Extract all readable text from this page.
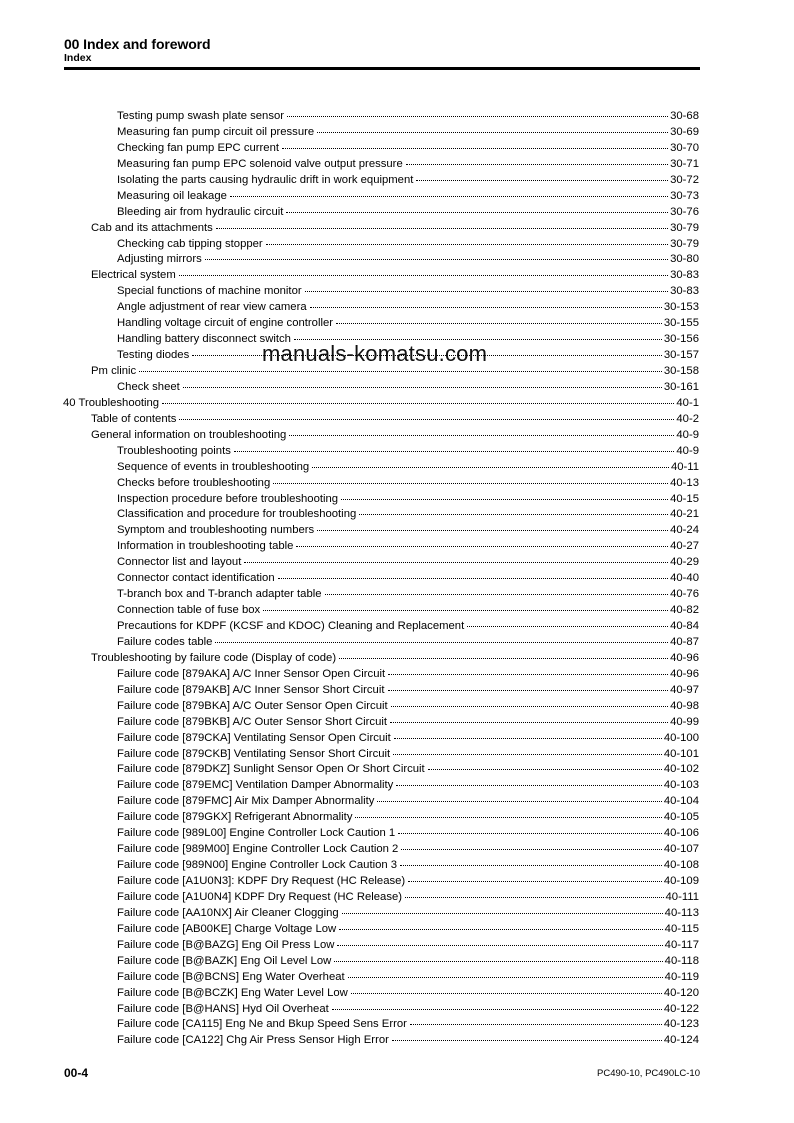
00 Index and foreword
Index
Testing pump swash plate sensor	30-68
Measuring fan pump circuit oil pressure	30-69
Checking fan pump EPC current	30-70
Measuring fan pump EPC solenoid valve output pressure	30-71
Isolating the parts causing hydraulic drift in work equipment	30-72
Measuring oil leakage	30-73
Bleeding air from hydraulic circuit	30-76
Cab and its attachments	30-79
Checking cab tipping stopper	30-79
Adjusting mirrors	30-80
Electrical system	30-83
Special functions of machine monitor	30-83
Angle adjustment of rear view camera	30-153
Handling voltage circuit of engine controller	30-155
Handling battery disconnect switch	30-156
Testing diodes	30-157
Pm clinic	30-158
Check sheet	30-161
40 Troubleshooting	40-1
Table of contents	40-2
General information on troubleshooting	40-9
Troubleshooting points	40-9
Sequence of events in troubleshooting	40-11
Checks before troubleshooting	40-13
Inspection procedure before troubleshooting	40-15
Classification and procedure for troubleshooting	40-21
Symptom and troubleshooting numbers	40-24
Information in troubleshooting table	40-27
Connector list and layout	40-29
Connector contact identification	40-40
T-branch box and T-branch adapter table	40-76
Connection table of fuse box	40-82
Precautions for KDPF (KCSF and KDOC) Cleaning and Replacement	40-84
Failure codes table	40-87
Troubleshooting by failure code (Display of code)	40-96
Failure code [879AKA] A/C Inner Sensor Open Circuit	40-96
Failure code [879AKB] A/C Inner Sensor Short Circuit	40-97
Failure code [879BKA] A/C Outer Sensor Open Circuit	40-98
Failure code [879BKB] A/C Outer Sensor Short Circuit	40-99
Failure code [879CKA] Ventilating Sensor Open Circuit	40-100
Failure code [879CKB] Ventilating Sensor Short Circuit	40-101
Failure code [879DKZ] Sunlight Sensor Open Or Short Circuit	40-102
Failure code [879EMC] Ventilation Damper Abnormality	40-103
Failure code [879FMC] Air Mix Damper Abnormality	40-104
Failure code [879GKX] Refrigerant Abnormality	40-105
Failure code [989L00] Engine Controller Lock Caution 1	40-106
Failure code [989M00] Engine Controller Lock Caution 2	40-107
Failure code [989N00] Engine Controller Lock Caution 3	40-108
Failure code [A1U0N3]: KDPF Dry Request (HC Release)	40-109
Failure code [A1U0N4] KDPF Dry Request (HC Release)	40-111
Failure code [AA10NX] Air Cleaner Clogging	40-113
Failure code [AB00KE] Charge Voltage Low	40-115
Failure code [B@BAZG] Eng Oil Press Low	40-117
Failure code [B@BAZK] Eng Oil Level Low	40-118
Failure code [B@BCNS] Eng Water Overheat	40-119
Failure code [B@BCZK] Eng Water Level Low	40-120
Failure code [B@HANS] Hyd Oil Overheat	40-122
Failure code [CA115] Eng Ne and Bkup Speed Sens Error	40-123
Failure code [CA122] Chg Air Press Sensor High Error	40-124
manuals-komatsu.com
00-4	PC490-10, PC490LC-10
